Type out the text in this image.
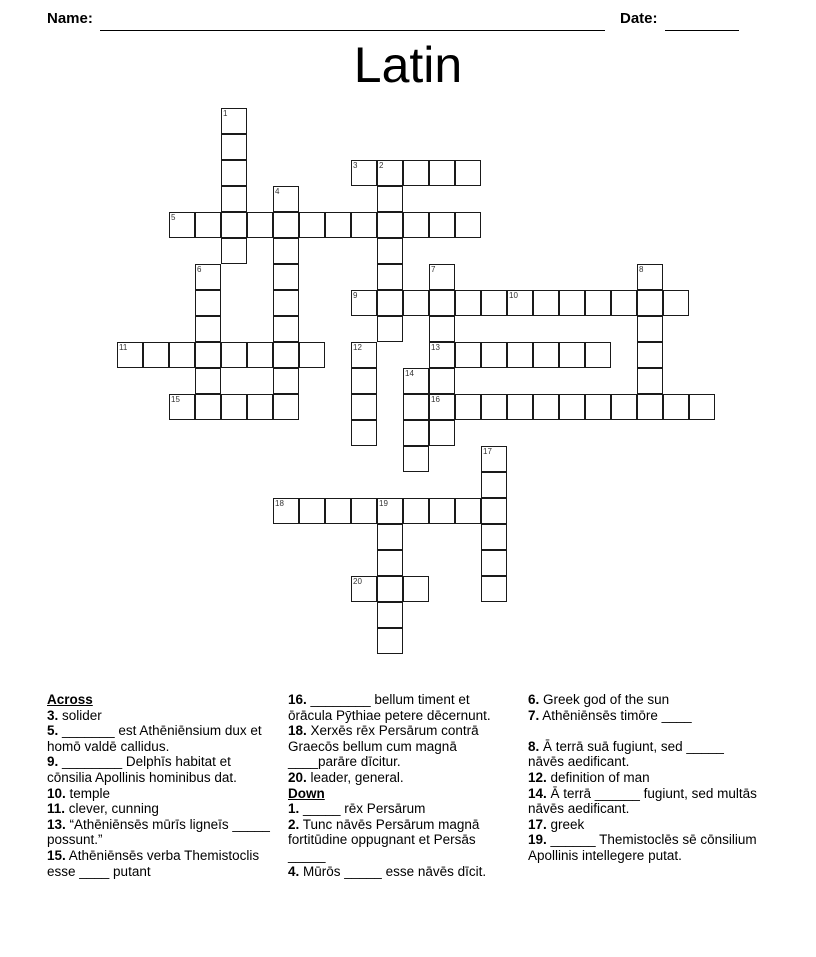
Name:	Date:
Latin
1
3	2
4
5
6	7	8
9	10
11	12	13
14
15	16
17
18	19
20
Across
3. solider
5. _______ est Athēniēnsium dux et homō valdē callidus.
9. ________ Delphīs habitat et cōnsilia Apollinis hominibus dat.
10. temple
11. clever, cunning
13. “Athēniēnsēs mūrīs ligneīs _____ possunt.”
15. Athēniēnsēs verba Themistoclis esse ____ putant
16. ________ bellum timent et ōrācula Pȳthiae petere dēcernunt.
18. Xerxēs rēx Persārum contrā Graecōs bellum cum magnā ____parāre dīcitur.
20. leader, general.
Down
1. _____ rēx Persārum
2. Tunc nāvēs Persārum magnā fortitūdine oppugnant et Persās _____
4. Mūrōs _____ esse nāvēs dīcit.
6. Greek god of the sun
7. Athēniēnsēs timōre ____
8. Ā terrā suā fugiunt, sed _____ nāvēs aedificant.
12. definition of man
14. Ā terrā ______ fugiunt, sed multās nāvēs aedificant.
17. greek
19. ______ Themistoclēs sē cōnsilium Apollinis intellegere putat.
